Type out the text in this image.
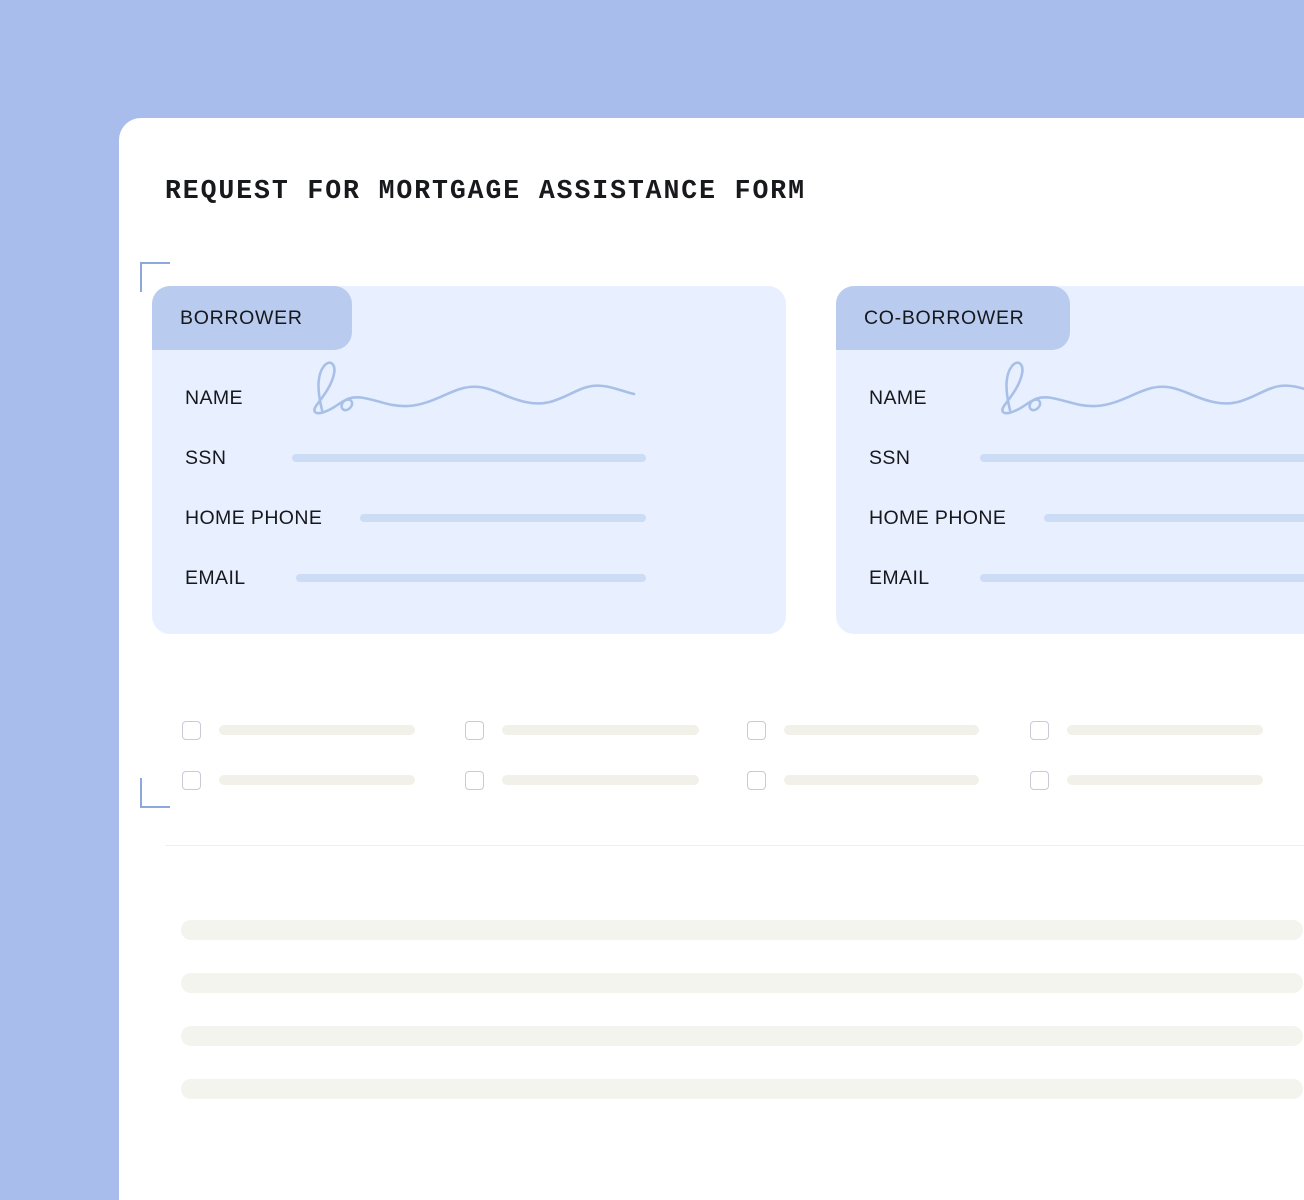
REQUEST FOR MORTGAGE ASSISTANCE FORM
BORROWER
NAME
SSN
HOME PHONE
EMAIL
CO-BORROWER
NAME
SSN
HOME PHONE
EMAIL
